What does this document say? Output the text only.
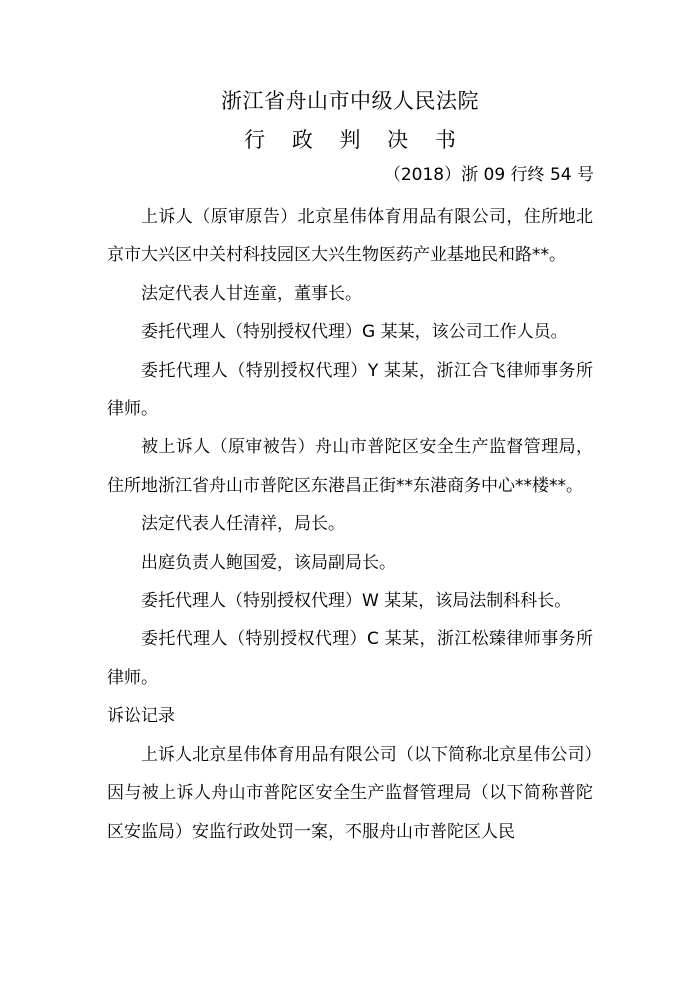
浙江省舟山市中级人民法院
行 政 判 决 书
（2018）浙 09 行终 54 号

上诉人（原审原告）北京星伟体育用品有限公司，住所地北京市大兴区中关村科技园区大兴生物医药产业基地民和路**。

法定代表人甘连童，董事长。

委托代理人（特别授权代理）G 某某，该公司工作人员。

委托代理人（特别授权代理）Y 某某，浙江合飞律师事务所律师。

被上诉人（原审被告）舟山市普陀区安全生产监督管理局，住所地浙江省舟山市普陀区东港昌正街**东港商务中心**楼**。

法定代表人任清祥，局长。

出庭负责人鲍国爱，该局副局长。

委托代理人（特别授权代理）W 某某，该局法制科科长。

委托代理人（特别授权代理）C 某某，浙江松臻律师事务所律师。

诉讼记录

上诉人北京星伟体育用品有限公司（以下简称北京星伟公司）因与被上诉人舟山市普陀区安全生产监督管理局（以下简称普陀区安监局）安监行政处罚一案，不服舟山市普陀区人民
